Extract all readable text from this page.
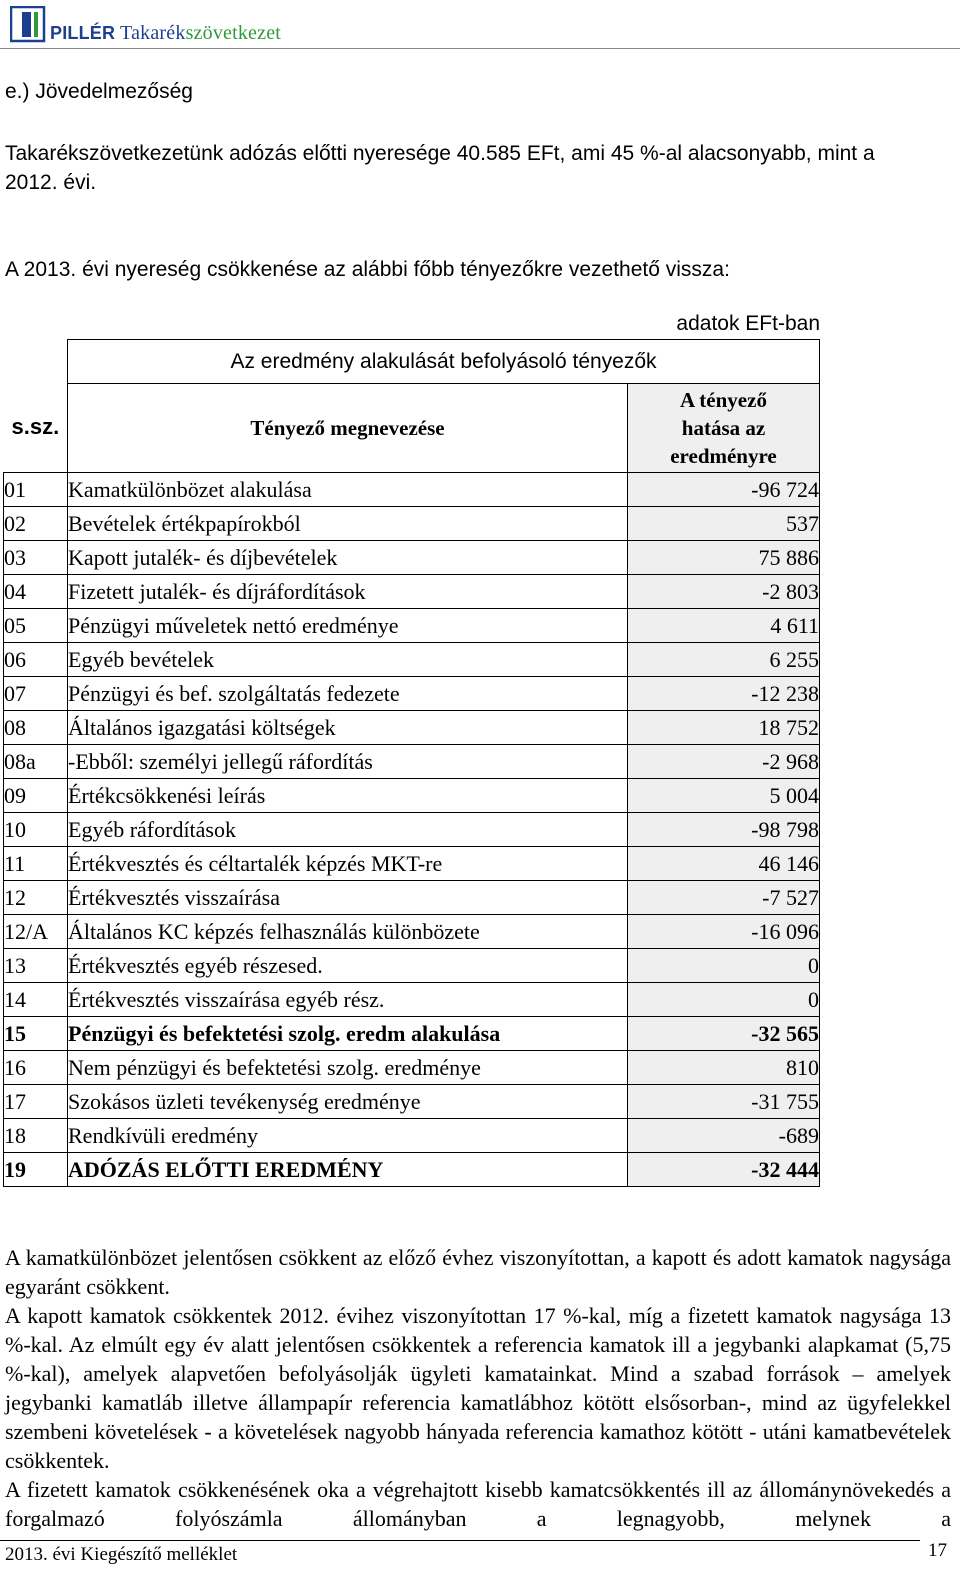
PILLÉR Takarékszövetkezet
e.) Jövedelmezőség
Takarékszövetkezetünk adózás előtti nyeresége 40.585 EFt, ami 45 %-al alacsonyabb, mint a
2012. évi.
A 2013. évi nyereség csökkenése az alábbi főbb tényezőkre vezethető vissza:
adatok EFt-ban
s.sz.	Az eredmény alakulását befolyásoló tényezők	
	Tényező megnevezése	A tényező
hatása az
eredményre

01	Kamatkülönbözet alakulása	-96 724
02	Bevételek értékpapírokból	537
03	Kapott jutalék- és díjbevételek	75 886
04	Fizetett jutalék- és díjráfordítások	-2 803
05	Pénzügyi műveletek nettó eredménye	4 611
06	Egyéb bevételek	6 255
07	Pénzügyi és bef. szolgáltatás fedezete	-12 238
08	Általános igazgatási költségek	18 752
08a	-Ebből: személyi jellegű ráfordítás	-2 968
09	Értékcsökkenési leírás	5 004
10	Egyéb ráfordítások	-98 798
11	Értékvesztés és céltartalék képzés MKT-re	46 146
12	Értékvesztés visszaírása	-7 527
12/A	Általános KC képzés felhasználás különbözete	-16 096
13	Értékvesztés egyéb részesed.	0
14	Értékvesztés visszaírása egyéb rész.	0
15	Pénzügyi és befektetési szolg. eredm alakulása	-32 565
16	Nem pénzügyi és befektetési szolg. eredménye	810
17	Szokásos üzleti tevékenység eredménye	-31 755
18	Rendkívüli eredmény	-689
19	ADÓZÁS ELŐTTI EREDMÉNY	-32 444

A kamatkülönbözet jelentősen csökkent az előző évhez viszonyítottan, a kapott és adott kamatok nagysága egyaránt csökkent.

A kapott kamatok csökkentek 2012. évihez viszonyítottan 17 %-kal, míg a fizetett kamatok nagysága 13 %-kal. Az elmúlt egy év alatt jelentősen csökkentek a referencia kamatok ill a jegybanki alapkamat (5,75 %-kal), amelyek alapvetően befolyásolják ügyleti kamatainkat. Mind a szabad források – amelyek jegybanki kamatláb illetve állampapír referencia kamatlábhoz kötött elsősorban-, mind az ügyfelekkel szembeni követelések - a követelések nagyobb hányada referencia kamathoz kötött - utáni kamatbevételek csökkentek.

A fizetett kamatok csökkenésének oka a végrehajtott kisebb kamatcsökkentés ill az állománynövekedés a forgalmazó folyószámla állományban a legnagyobb, melynek a

2013. évi Kiegészítő melléklet	17
